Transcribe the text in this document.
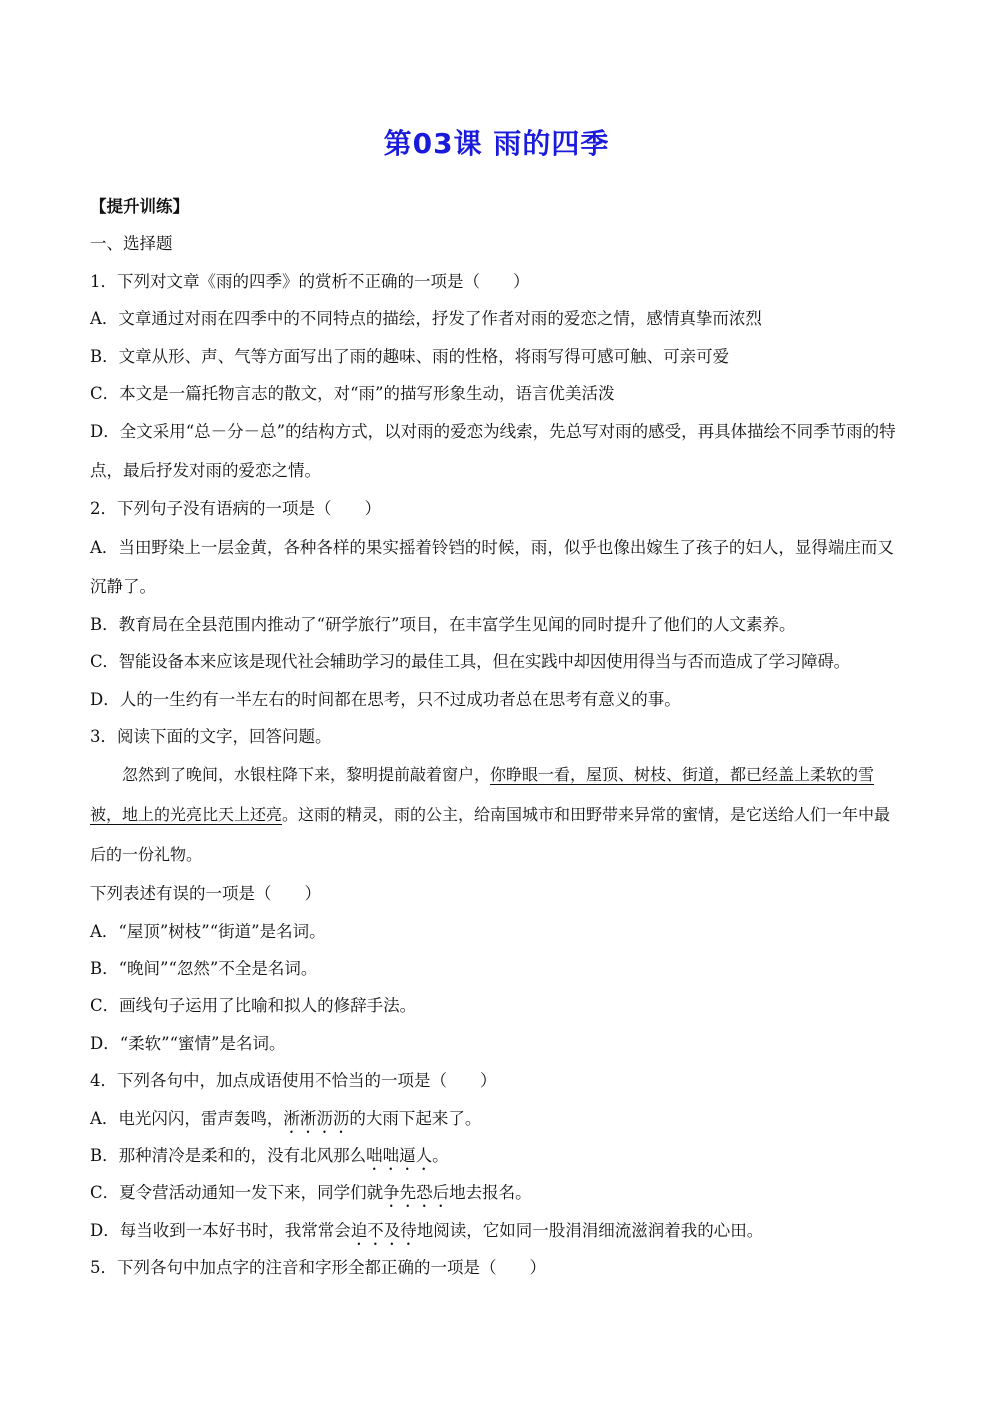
第03课 雨的四季
【提升训练】
一、选择题
1．下列对文章《雨的四季》的赏析不正确的一项是（　　）
A．文章通过对雨在四季中的不同特点的描绘，抒发了作者对雨的爱恋之情，感情真挚而浓烈
B．文章从形、声、气等方面写出了雨的趣味、雨的性格，将雨写得可感可触、可亲可爱
C．本文是一篇托物言志的散文，对“雨”的描写形象生动，语言优美活泼
D．全文采用“总－分－总”的结构方式，以对雨的爱恋为线索，先总写对雨的感受，再具体描绘不同季节雨的特点，最后抒发对雨的爱恋之情。
2．下列句子没有语病的一项是（　　）
A．当田野染上一层金黄，各种各样的果实摇着铃铛的时候，雨，似乎也像出嫁生了孩子的妇人，显得端庄而又沉静了。
B．教育局在全县范围内推动了“研学旅行”项目，在丰富学生见闻的同时提升了他们的人文素养。
C．智能设备本来应该是现代社会辅助学习的最佳工具，但在实践中却因使用得当与否而造成了学习障碍。
D．人的一生约有一半左右的时间都在思考，只不过成功者总在思考有意义的事。
3．阅读下面的文字，回答问题。

忽然到了晚间，水银柱降下来，黎明提前敲着窗户，你睁眼一看，屋顶、树枝、街道，都已经盖上柔软的雪被，地上的光亮比天上还亮。这雨的精灵，雨的公主，给南国城市和田野带来异常的蜜情，是它送给人们一年中最后的一份礼物。

下列表述有误的一项是（　　）
A．“屋顶”树枝”“街道”是名词。
B．“晚间”“忽然”不全是名词。
C．画线句子运用了比喻和拟人的修辞手法。
D．“柔软”“蜜情”是名词。
4．下列各句中，加点成语使用不恰当的一项是（　　）
A．电光闪闪，雷声轰鸣，淅淅沥沥的大雨下起来了。
B．那种清冷是柔和的，没有北风那么咄咄逼人。
C．夏令营活动通知一发下来，同学们就争先恐后地去报名。
D．每当收到一本好书时，我常常会迫不及待地阅读，它如同一股涓涓细流滋润着我的心田。
5．下列各句中加点字的注音和字形全都正确的一项是（　　）
